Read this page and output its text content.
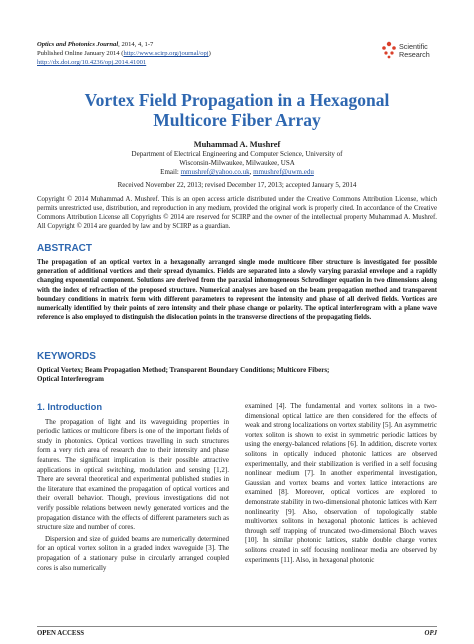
Optics and Photonics Journal, 2014, 4, 1-7
Published Online January 2014 (http://www.scirp.org/journal/opj)
http://dx.doi.org/10.4236/opj.2014.41001
Scientific
Research
Vortex Field Propagation in a Hexagonal
Multicore Fiber Array
Muhammad A. Mushref
Department of Electrical Engineering and Computer Science, University of
Wisconsin-Milwaukee, Milwaukee, USA
Email: mmushref@yahoo.co.uk, mmushref@uwm.edu
Received November 22, 2013; revised December 17, 2013; accepted January 5, 2014
Copyright © 2014 Muhammad A. Mushref. This is an open access article distributed under the Creative Commons Attribution License, which permits unrestricted use, distribution, and reproduction in any medium, provided the original work is properly cited. In accordance of the Creative Commons Attribution License all Copyrights © 2014 are reserved for SCIRP and the owner of the intellectual property Muhammad A. Mushref. All Copyright © 2014 are guarded by law and by SCIRP as a guardian.
ABSTRACT
The propagation of an optical vortex in a hexagonally arranged single mode multicore fiber structure is investigated for possible generation of additional vortices and their spread dynamics. Fields are separated into a slowly varying paraxial envelope and a rapidly changing exponential component. Solutions are derived from the paraxial inhomogeneous Schrodinger equation in two dimensions along with the index of refraction of the proposed structure. Numerical analyses are based on the beam propagation method and transparent boundary conditions in matrix form with different parameters to represent the intensity and phase of all derived fields. Vortices are numerically identified by their points of zero intensity and their phase change or polarity. The optical interferogram with a plane wave reference is also employed to distinguish the dislocation points in the transverse directions of the propagating fields.
KEYWORDS
Optical Vortex; Beam Propagation Method; Transparent Boundary Conditions; Multicore Fibers;
Optical Interferogram
1. Introduction

The propagation of light and its waveguiding properties in periodic lattices or multicore fibers is one of the important fields of study in photonics. Optical vortices travelling in such structures form a very rich area of research due to their intensity and phase features. The significant implication is their possible attractive applications in optical switching, modulation and sensing [1,2]. There are several theoretical and experimental published studies in the literature that examined the propagation of optical vortices and their overall behavior. Though, previous investigations did not verify possible relations between newly generated vortices and the propagation distance with the effects of different parameters such as structure size and number of cores.

Dispersion and size of guided beams are numerically determined for an optical vortex soliton in a graded index waveguide [3]. The propagation of a stationary pulse in circularly arranged coupled cores is also numerically

examined [4]. The fundamental and vortex solitons in a two-dimensional optical lattice are then considered for the effects of weak and strong localizations on vortex stability [5]. An asymmetric vortex soliton is shown to exist in symmetric periodic lattices by using the energy-balanced relations [6]. In addition, discrete vortex solitons in optically induced photonic lattices are observed experimentally, and their stabilization is verified in a self focusing nonlinear medium [7]. In another experimental investigation, Gaussian and vortex beams and vortex lattice interactions are examined [8]. Moreover, optical vortices are explored to demonstrate stability in two-dimensional photonic lattices with Kerr nonlinearity [9]. Also, observation of topologically stable multivortex solitons in hexagonal photonic lattices is achieved through self trapping of truncated two-dimensional Bloch waves [10]. In similar photonic lattices, stable double charge vortex solitons created in self focusing nonlinear media are observed by experiments [11]. Also, in hexagonal photonic

OPEN ACCESS	OPJ
